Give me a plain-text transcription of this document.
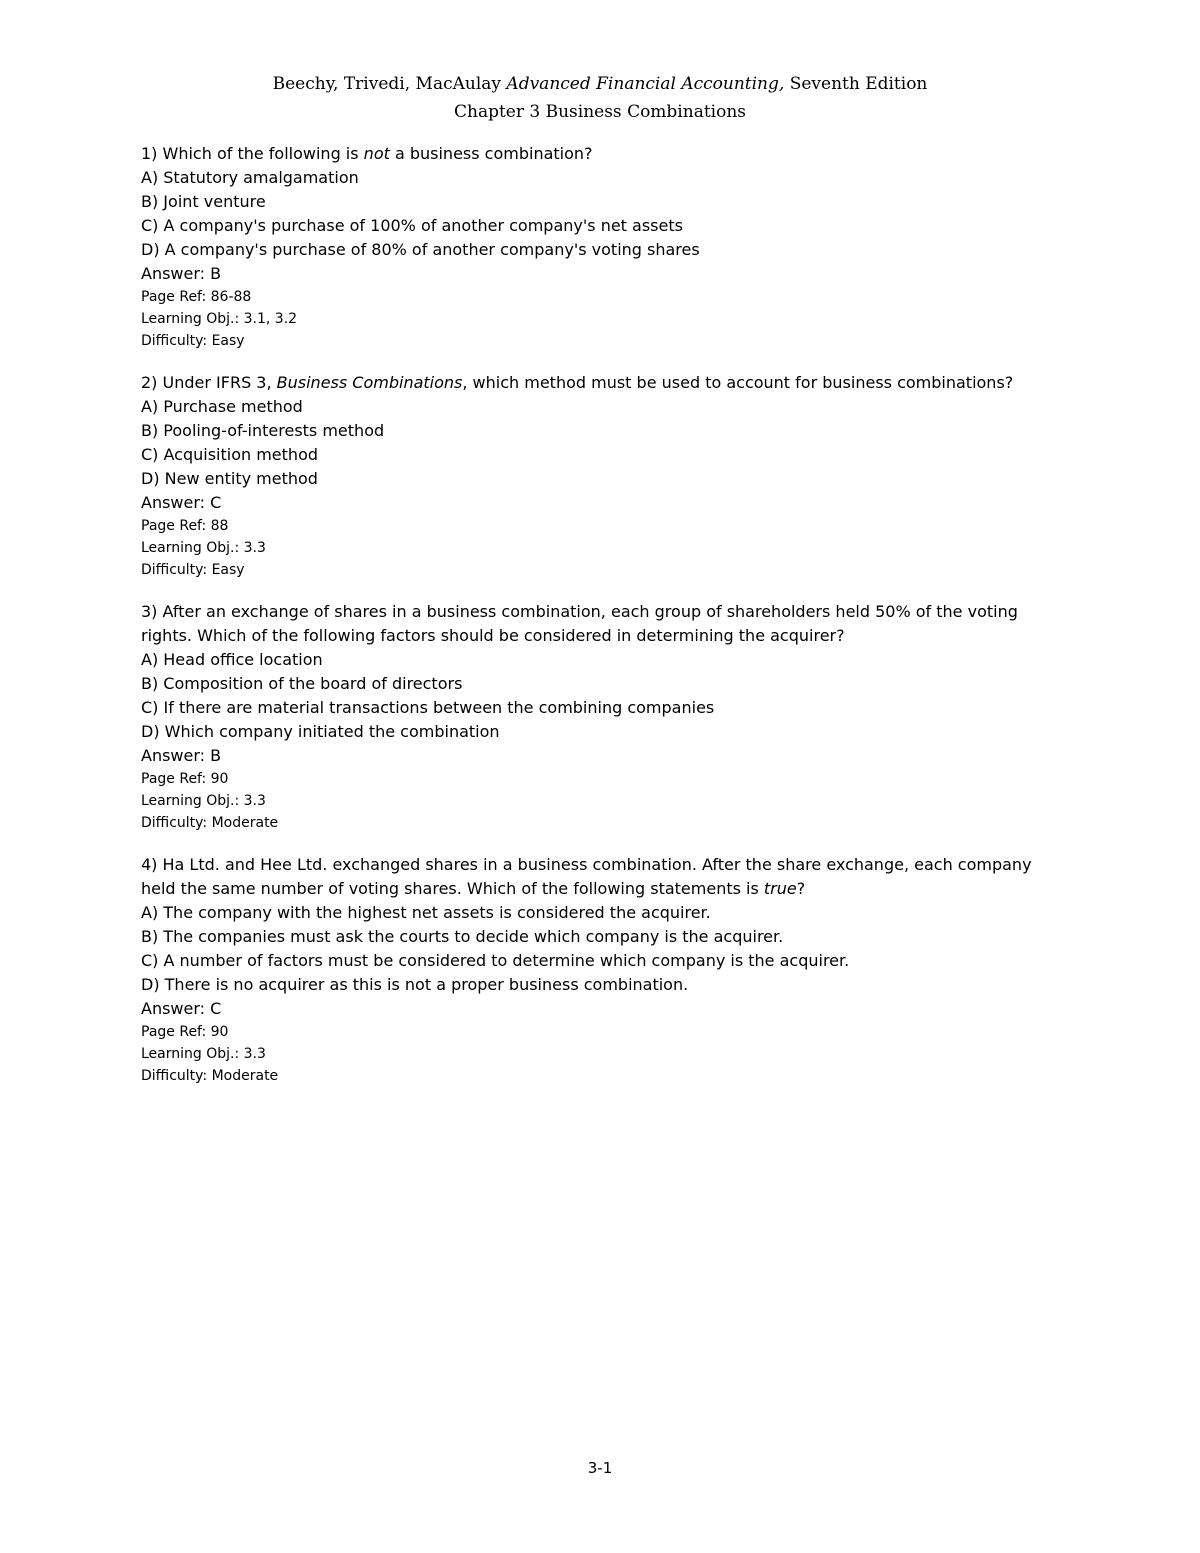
Beechy, Trivedi, MacAulay Advanced Financial Accounting, Seventh Edition
Chapter 3 Business Combinations

1) Which of the following is not a business combination?

A) Statutory amalgamation

B) Joint venture

C) A company's purchase of 100% of another company's net assets

D) A company's purchase of 80% of another company's voting shares

Answer: B

Page Ref: 86-88

Learning Obj.: 3.1, 3.2

Difficulty: Easy

2) Under IFRS 3, Business Combinations, which method must be used to account for business combinations?

A) Purchase method

B) Pooling-of-interests method

C) Acquisition method

D) New entity method

Answer: C

Page Ref: 88

Learning Obj.: 3.3

Difficulty: Easy

3) After an exchange of shares in a business combination, each group of shareholders held 50% of the voting rights. Which of the following factors should be considered in determining the acquirer?

A) Head office location

B) Composition of the board of directors

C) If there are material transactions between the combining companies

D) Which company initiated the combination

Answer: B

Page Ref: 90

Learning Obj.: 3.3

Difficulty: Moderate

4) Ha Ltd. and Hee Ltd. exchanged shares in a business combination. After the share exchange, each company held the same number of voting shares. Which of the following statements is true?

A) The company with the highest net assets is considered the acquirer.

B) The companies must ask the courts to decide which company is the acquirer.

C) A number of factors must be considered to determine which company is the acquirer.

D) There is no acquirer as this is not a proper business combination.

Answer: C

Page Ref: 90

Learning Obj.: 3.3

Difficulty: Moderate

3-1
